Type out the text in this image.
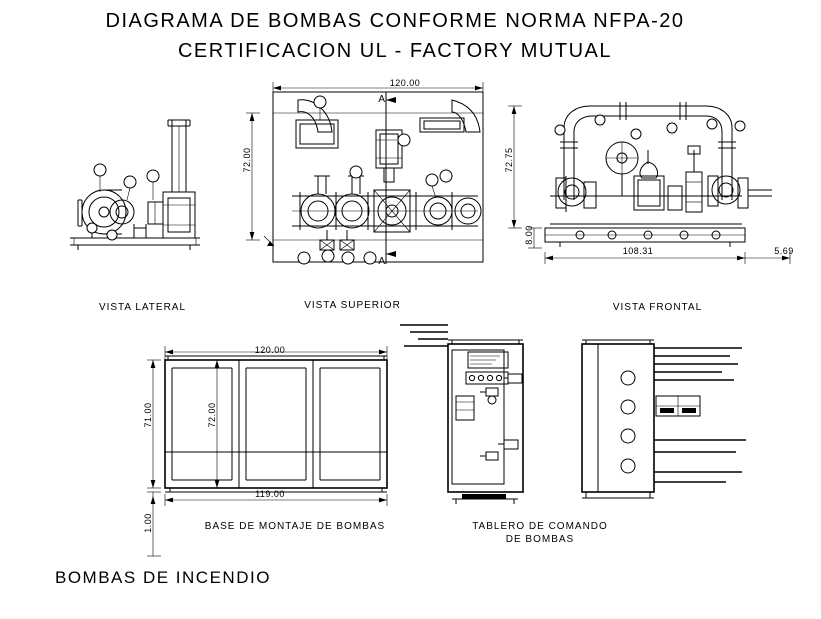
DIAGRAMA DE BOMBAS CONFORME NORMA NFPA-20
CERTIFICACION UL - FACTORY MUTUAL
BOMBAS DE INCENDIO
VISTA LATERAL	VISTA SUPERIOR	VISTA FRONTAL
BASE DE MONTAJE DE BOMBAS	TABLERO DE COMANDO
DE BOMBAS
120.00
72.00
A
A
72.75
8.00
108.31	5.69
120.00
71.00	72.00
119.00
1.00
